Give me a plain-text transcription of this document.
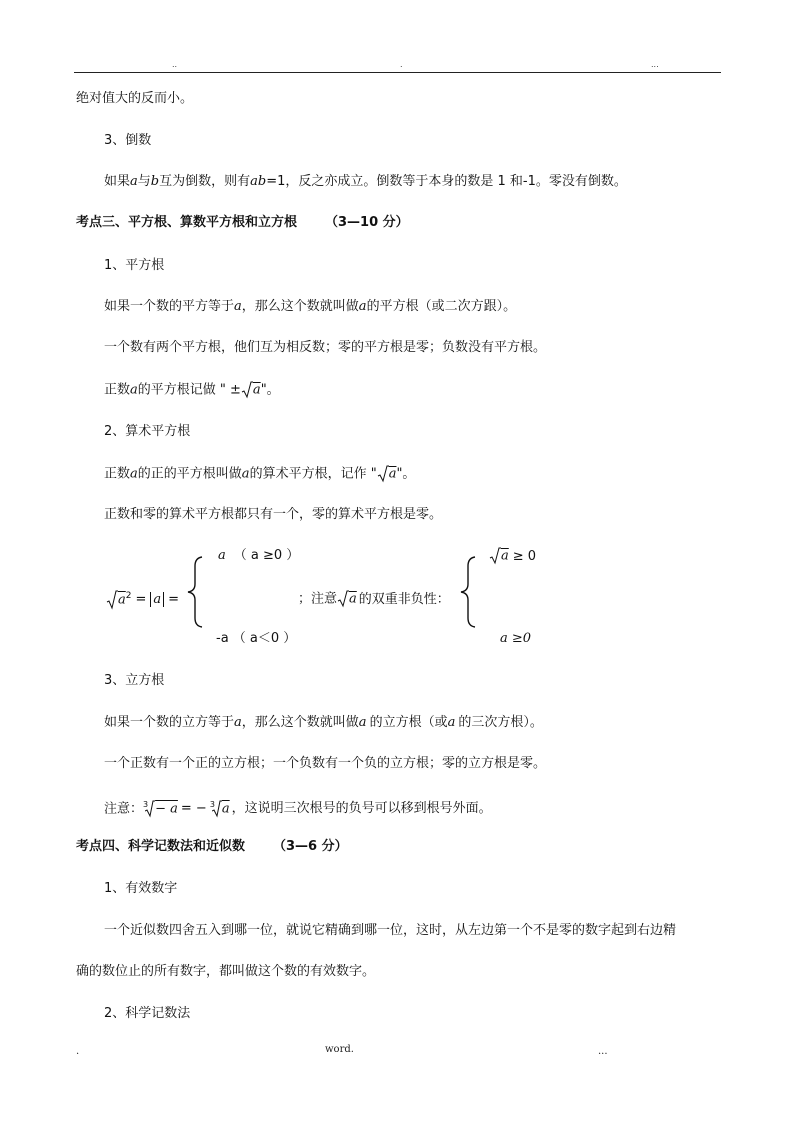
..	.	...
绝对值大的反而小。
3、倒数
如果a与b互为倒数，则有ab=1，反之亦成立。倒数等于本身的数是 1 和-1。零没有倒数。
考点三、平方根、算数平方根和立方根 （3—10 分）
1、平方根
如果一个数的平方等于a，那么这个数就叫做a的平方根（或二次方跟）。
一个数有两个平方根，他们互为相反数；零的平方根是零；负数没有平方根。
正数a的平方根记做 " ± $\overline{a}$"。
2、算术平方根
正数a的正的平方根叫做a的算术平方根，记作 " $\overline{a}$"。
正数和零的算术平方根都只有一个，零的算术平方根是零。
a （ a ≥0 ）
$\overline{a}^2 = a$ =
-a （ a＜0 ）
；注意 $\overline{a}$ 的双重非负性：
$\overline{a} \ge 0$
a ≥0
3、立方根
如果一个数的立方等于a，那么这个数就叫做a 的立方根（或a 的三次方根）。
一个正数有一个正的立方根；一个负数有一个负的立方根；零的立方根是零。
注意：$^3$ − a = − $^3$ $\overline{a}$ ，这说明三次根号的负号可以移到根号外面。
考点四、科学记数法和近似数 （3—6 分）
1、有效数字
一个近似数四舍五入到哪一位，就说它精确到哪一位，这时，从左边第一个不是零的数字起到右边精
确的数位止的所有数字，都叫做这个数的有效数字。
2、科学记数法
.	word.	...
